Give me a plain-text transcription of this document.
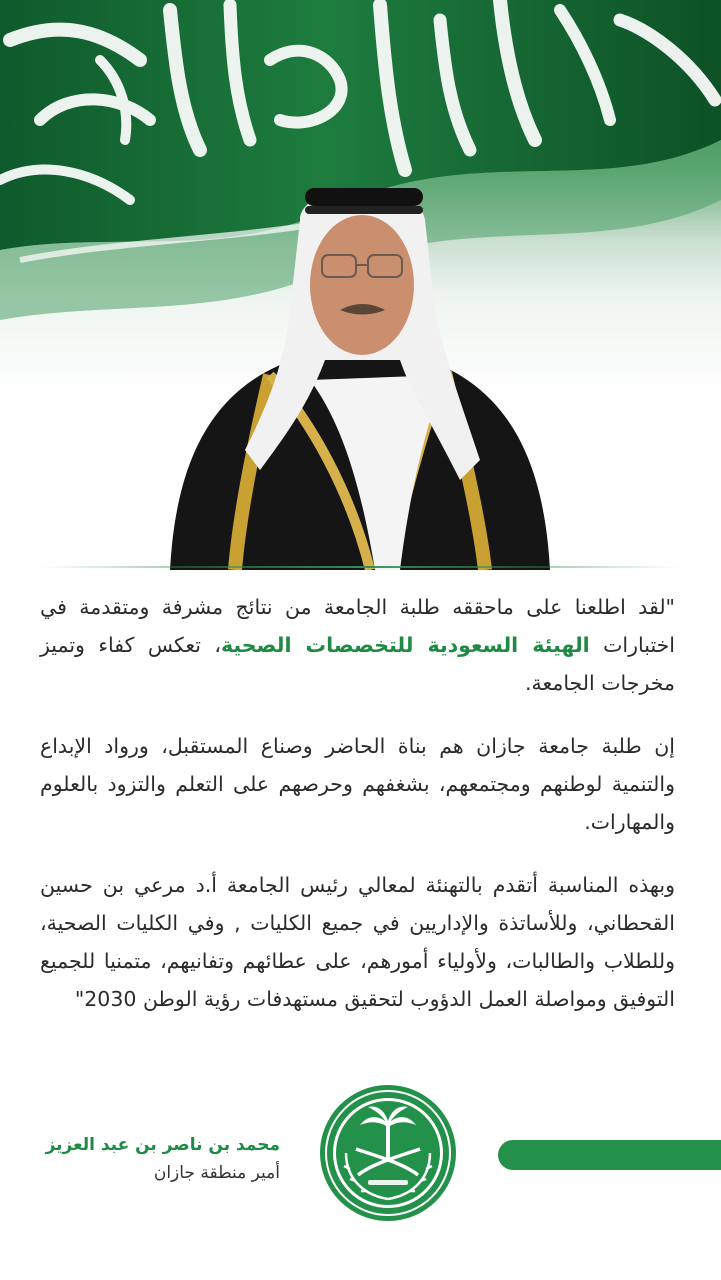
"لقد اطلعنا على ماحققه طلبة الجامعة من نتائج مشرفة ومتقدمة في اختبارات الهيئة السعودية للتخصصات الصحية، تعكس كفاء وتميز مخرجات الجامعة.

إن طلبة جامعة جازان هم بناة الحاضر وصناع المستقبل، ورواد الإبداع والتنمية لوطنهم ومجتمعهم، بشغفهم وحرصهم على التعلم والتزود بالعلوم والمهارات.

وبهذه المناسبة أتقدم بالتهنئة لمعالي رئيس الجامعة أ.د مرعي بن حسين القحطاني، وللأساتذة والإداريين في جميع الكليات , وفي الكليات الصحية، وللطلاب والطالبات، ولأولياء أمورهم، على عطائهم وتفانيهم، متمنيا للجميع التوفيق ومواصلة العمل الدؤوب لتحقيق مستهدفات رؤية الوطن 2030"

محمد بن ناصر بن عبد العزيز
أمير منطقة جازان
